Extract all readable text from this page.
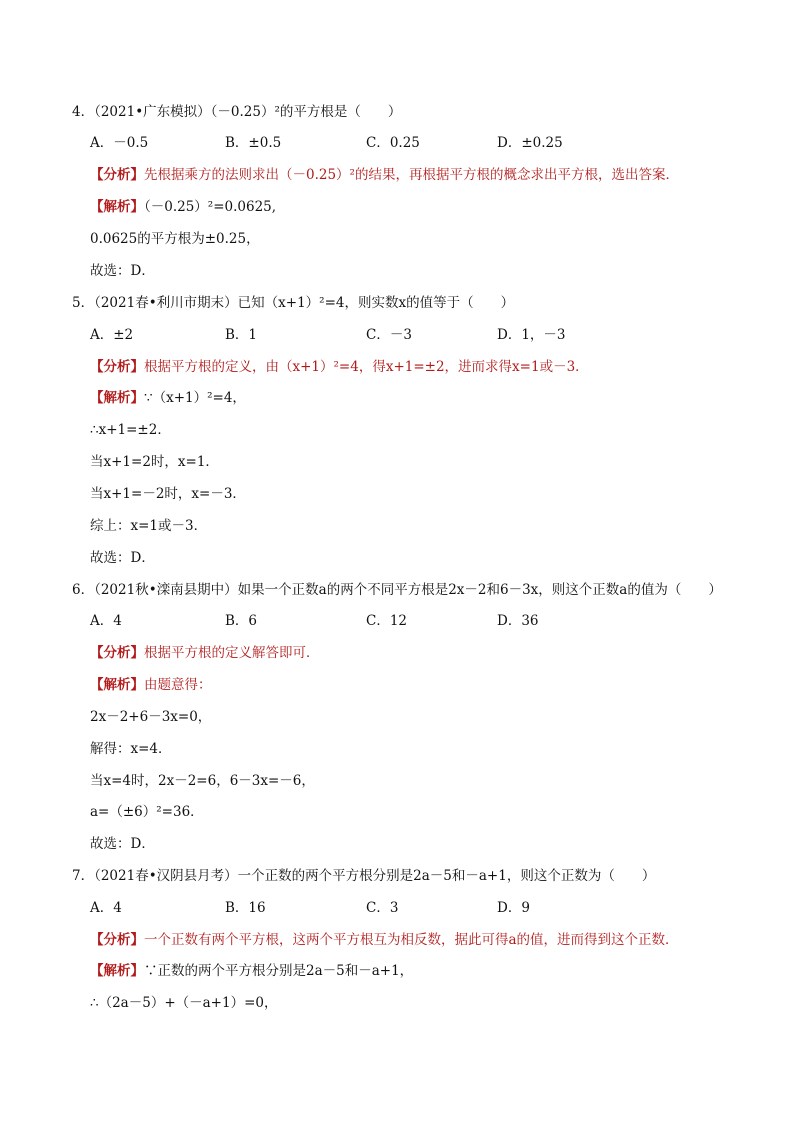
4．（2021•广东模拟）（－0.25）²的平方根是（　　）
A．－0.5	B．±0.5	C．0.25	D．±0.25
【分析】先根据乘方的法则求出（－0.25）²的结果，再根据平方根的概念求出平方根，选出答案．
【解析】（－0.25）²=0.0625,
0.0625的平方根为±0.25，
故选：D．
5．（2021春•利川市期末）已知（x+1）²=4，则实数x的值等于（　　）
A．±2	B．1	C．－3	D．1，－3
【分析】根据平方根的定义，由（x+1）²=4，得x+1=±2，进而求得x=1或－3．
【解析】∵（x+1）²=4，
∴x+1=±2．
当x+1=2时，x=1．
当x+1=－2时，x=－3．
综上：x=1或－3．
故选：D．
6．（2021秋•滦南县期中）如果一个正数a的两个不同平方根是2x－2和6－3x，则这个正数a的值为（　　）
A．4	B．6	C．12	D．36
【分析】根据平方根的定义解答即可．
【解析】由题意得：
2x－2+6－3x=0，
解得：x=4．
当x=4时，2x－2=6，6－3x=－6，
a=（±6）²=36．
故选：D．
7．（2021春•汉阴县月考）一个正数的两个平方根分别是2a－5和－a+1，则这个正数为（　　）
A．4	B．16	C．3	D．9
【分析】一个正数有两个平方根，这两个平方根互为相反数，据此可得a的值，进而得到这个正数．
【解析】∵正数的两个平方根分别是2a－5和－a+1，
∴（2a－5）+（－a+1）=0，
